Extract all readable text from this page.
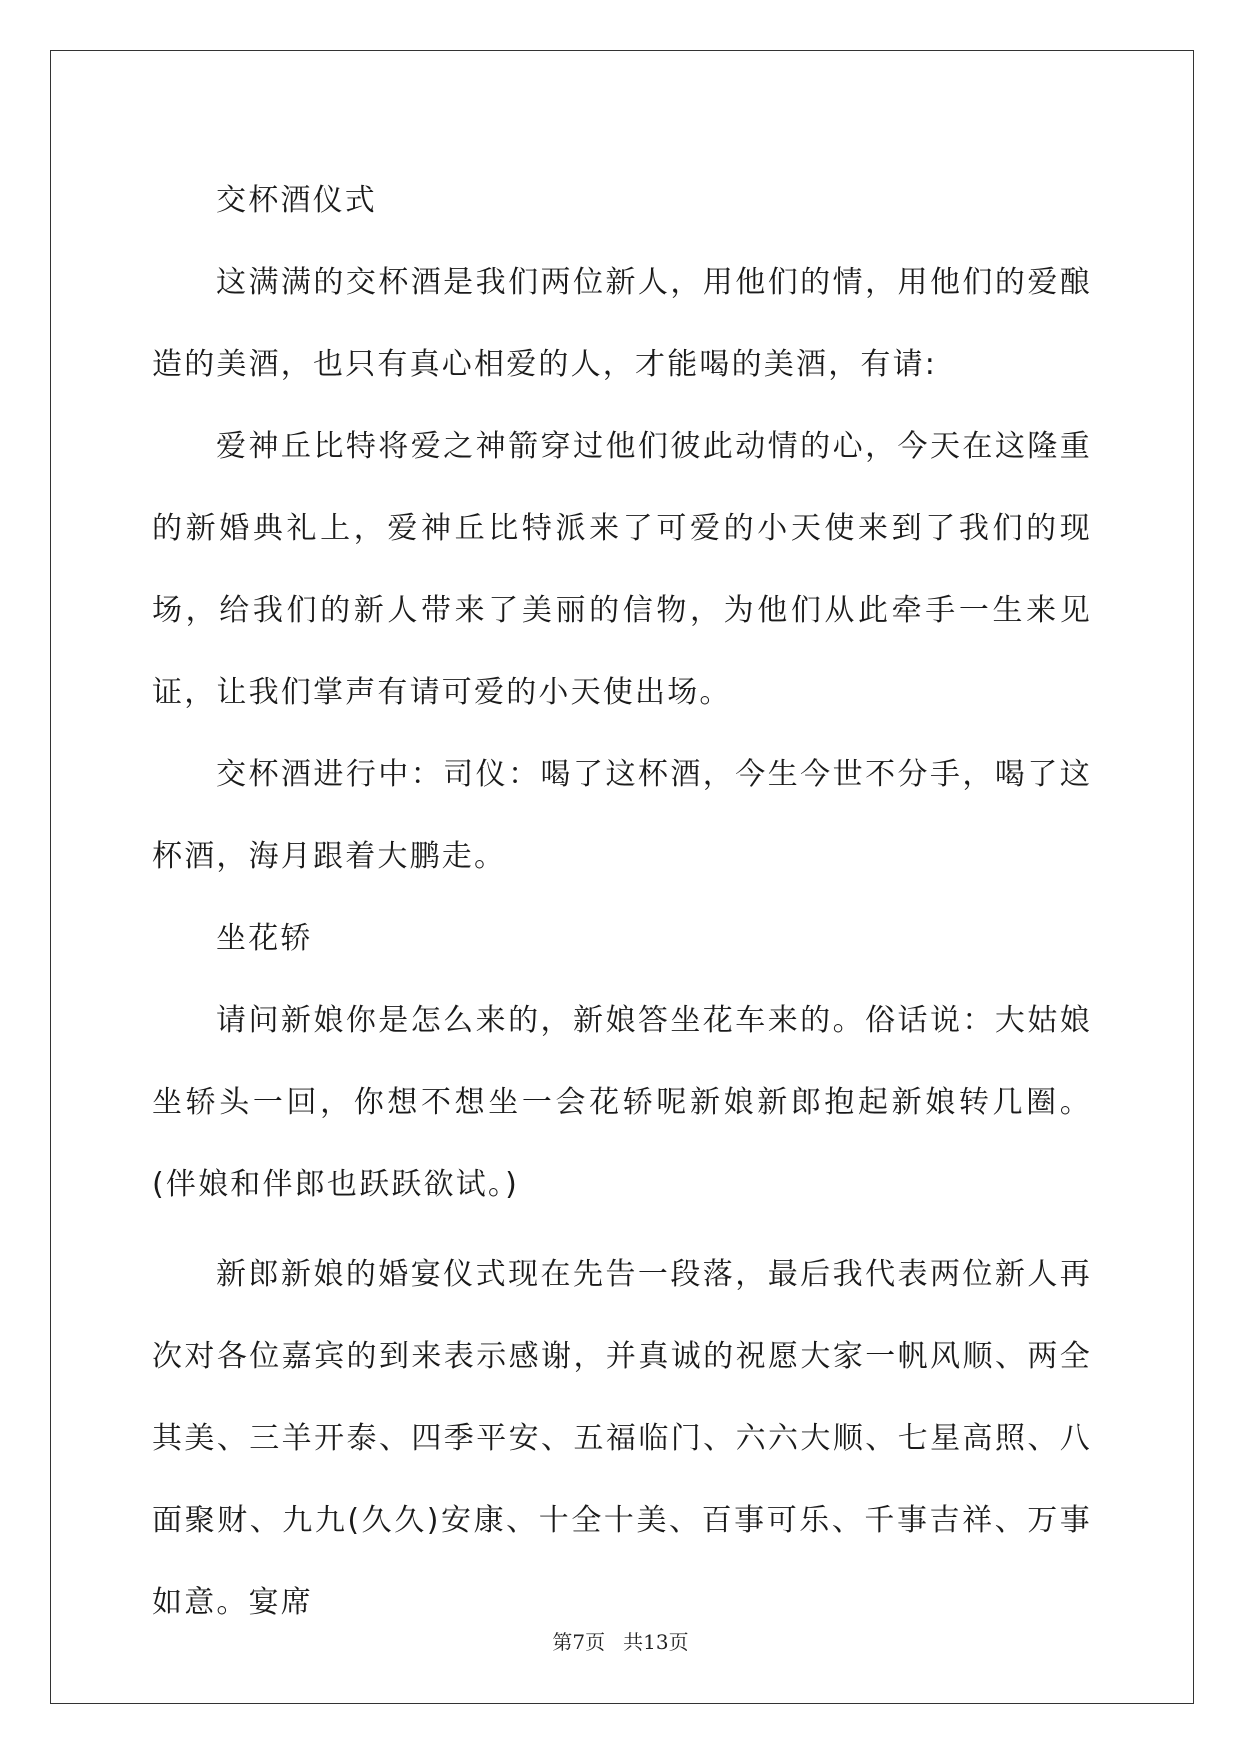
交杯酒仪式

这满满的交杯酒是我们两位新人，用他们的情，用他们的爱酿造的美酒，也只有真心相爱的人，才能喝的美酒，有请:

爱神丘比特将爱之神箭穿过他们彼此动情的心，今天在这隆重的新婚典礼上，爱神丘比特派来了可爱的小天使来到了我们的现场，给我们的新人带来了美丽的信物，为他们从此牵手一生来见证，让我们掌声有请可爱的小天使出场。

交杯酒进行中：司仪：喝了这杯酒，今生今世不分手，喝了这杯酒，海月跟着大鹏走。

坐花轿

请问新娘你是怎么来的，新娘答坐花车来的。俗话说：大姑娘坐轿头一回，你想不想坐一会花轿呢新娘新郎抱起新娘转几圈。(伴娘和伴郎也跃跃欲试。)

新郎新娘的婚宴仪式现在先告一段落，最后我代表两位新人再次对各位嘉宾的到来表示感谢，并真诚的祝愿大家一帆风顺、两全其美、三羊开泰、四季平安、五福临门、六六大顺、七星高照、八面聚财、九九(久久)安康、十全十美、百事可乐、千事吉祥、万事如意。宴席

第7页 共13页
